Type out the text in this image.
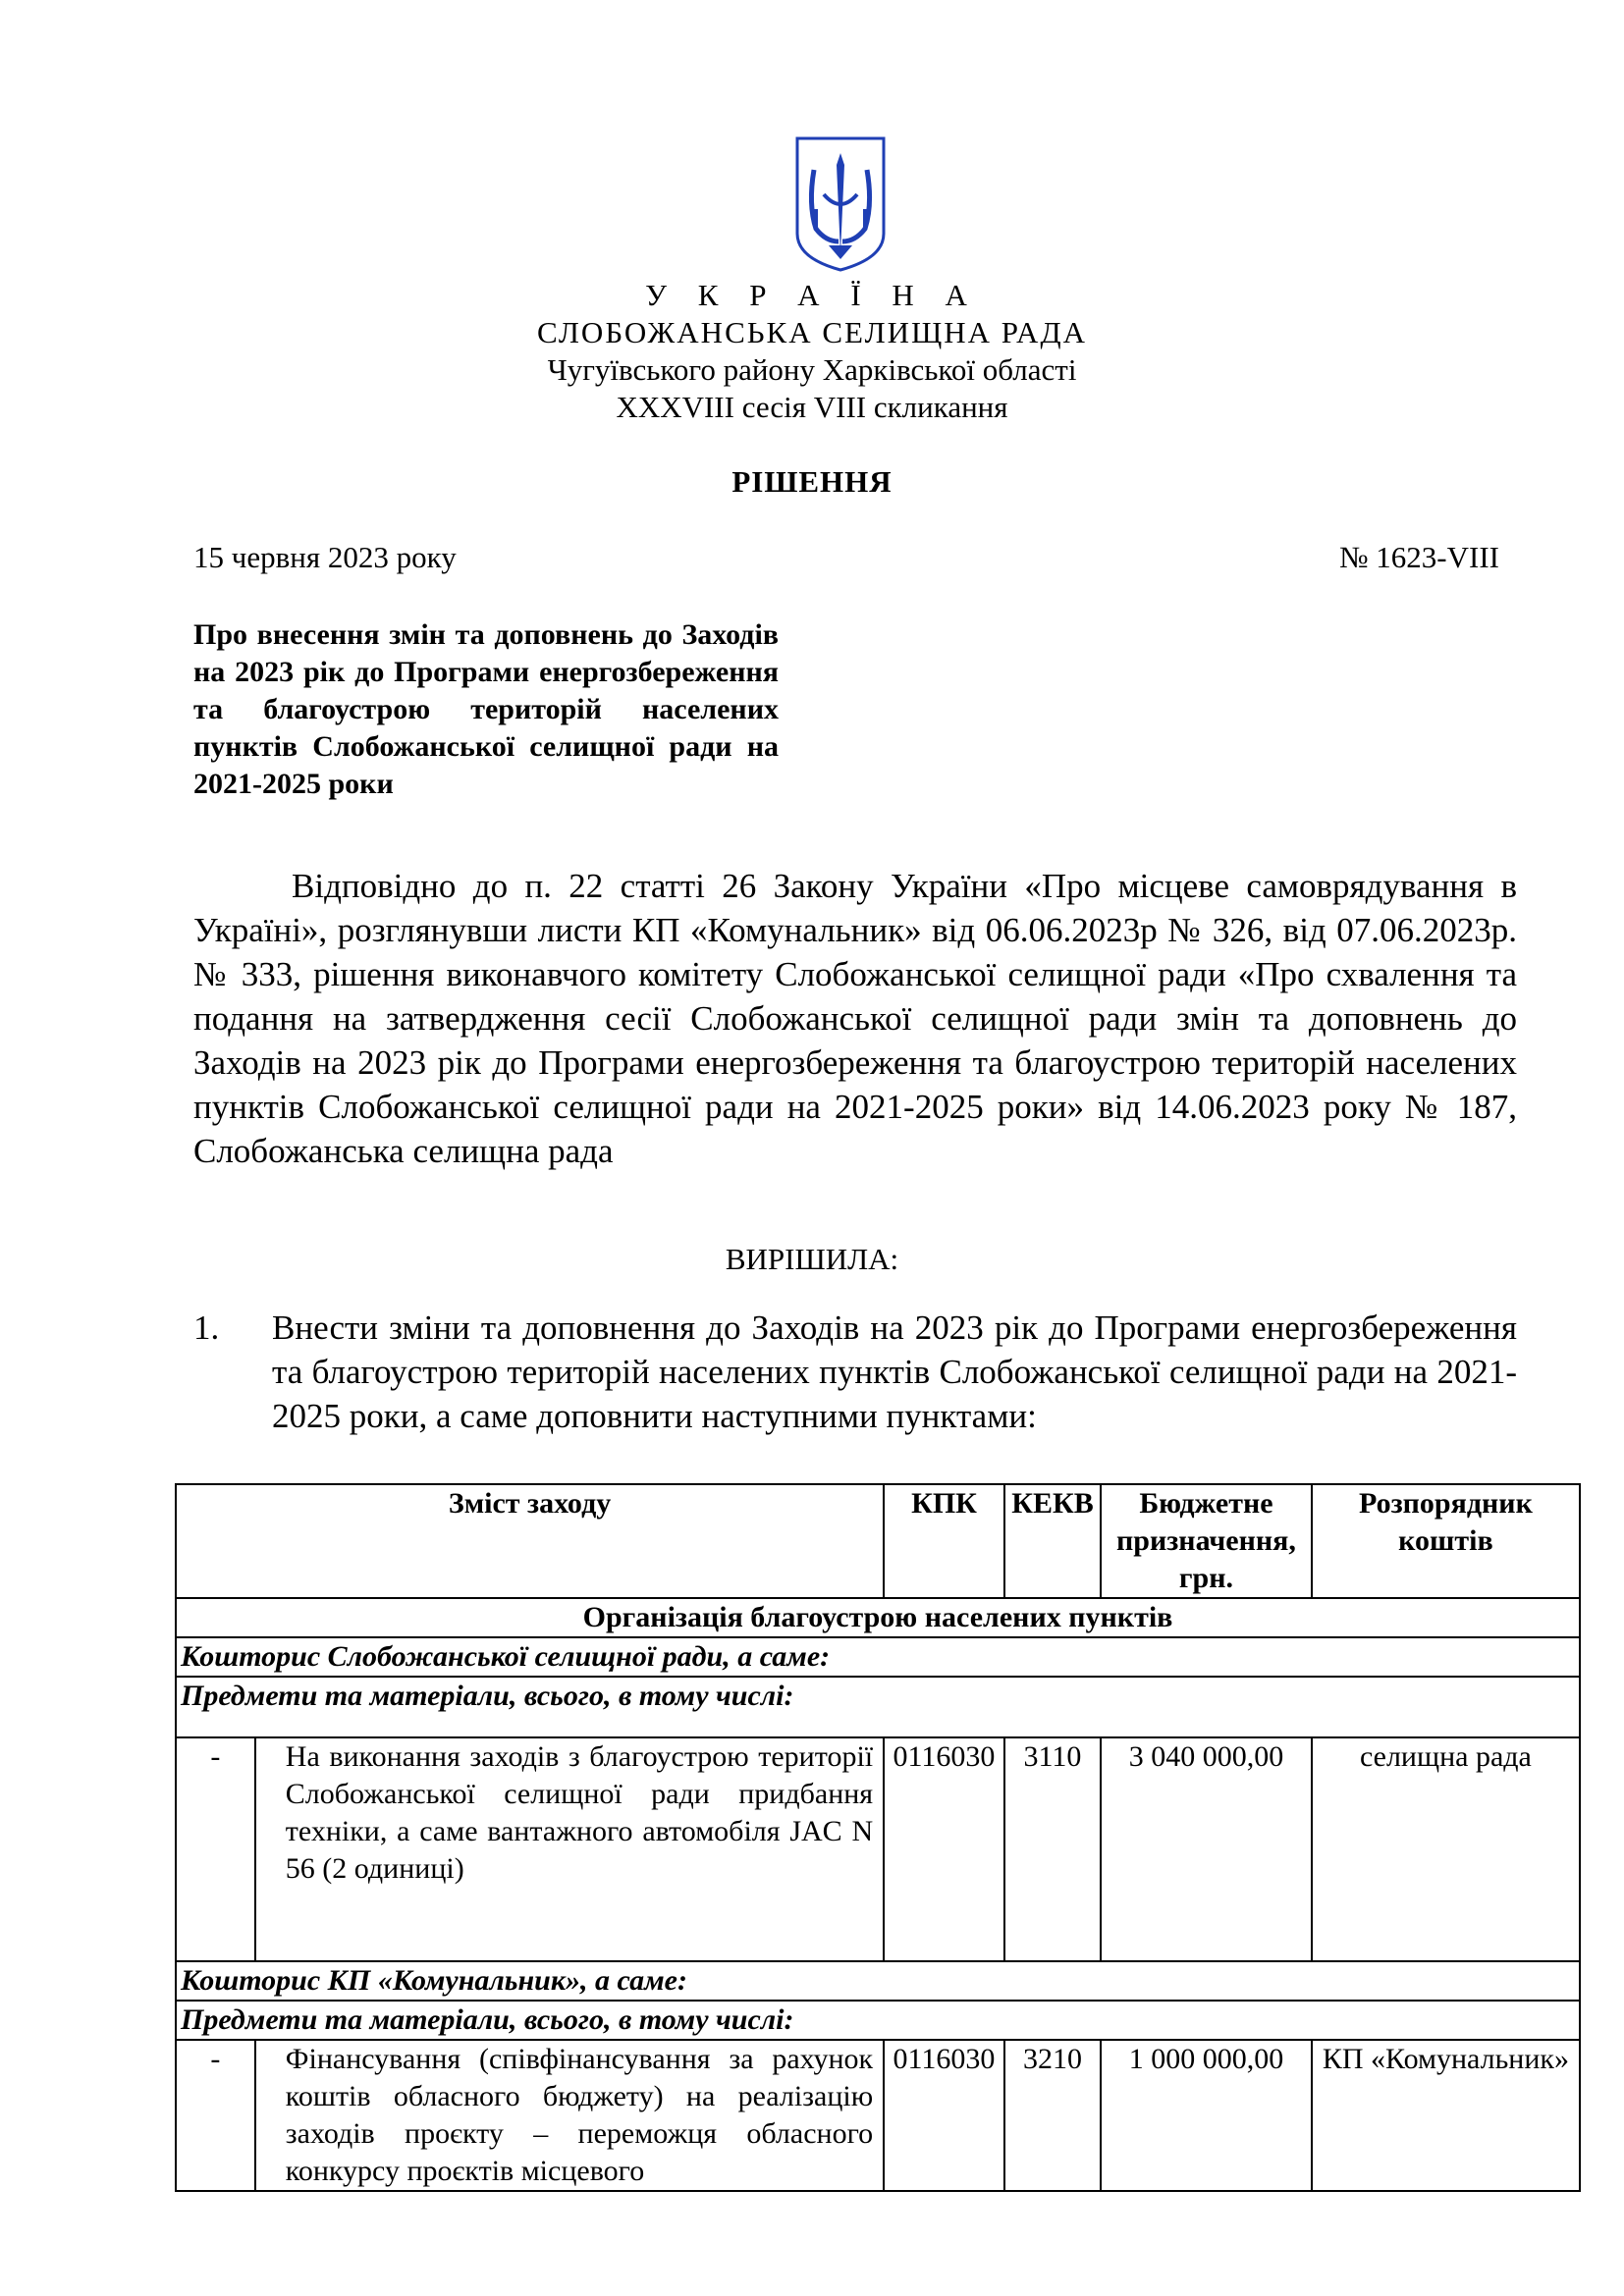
У К Р А Ї Н А
СЛОБОЖАНСЬКА СЕЛИЩНА РАДА
Чугуївського району Харківської області
XXXVIII сесія VIII скликання
РІШЕННЯ
15 червня 2023 року	№ 1623-VIII
Про внесення змін та доповнень до Заходів на 2023 рік до Програми енергозбереження та благоустрою територій населених пунктів Слобожанської селищної ради на 2021-2025 роки
Відповідно до п. 22 статті 26 Закону України «Про місцеве самоврядування в Україні», розглянувши листи КП «Комунальник» від 06.06.2023р № 326, від 07.06.2023р. № 333, рішення виконавчого комітету Слобожанської селищної ради «Про схвалення та подання на затвердження сесії Слобожанської селищної ради змін та доповнень до Заходів на 2023 рік до Програми енергозбереження та благоустрою територій населених пунктів Слобожанської селищної ради на 2021-2025 роки» від 14.06.2023 року № 187, Слобожанська селищна рада
ВИРІШИЛА:
1. Внести зміни та доповнення до Заходів на 2023 рік до Програми енергозбереження та благоустрою територій населених пунктів Слобожанської селищної ради на 2021-2025 роки, а саме доповнити наступними пунктами:
Зміст заходу		КПК	КЕКВ	Бюджетне призначення, грн.	Розпорядник коштів
Організація благоустрою населених пунктів					
Кошторис Слобожанської селищної ради, а саме:					
Предмети та матеріали, всього, в тому числі:					
-	На виконання заходів з благоустрою території Слобожанської селищної ради придбання техніки, а саме вантажного автомобіля JAC N 56 (2 одиниці)	0116030	3110	3 040 000,00	селищна рада
Кошторис КП «Комунальник», а саме:					
Предмети та матеріали, всього, в тому числі:					
-	Фінансування (співфінансування за рахунок коштів обласного бюджету) на реалізацію заходів проєкту – переможця обласного конкурсу проєктів місцевого	0116030	3210	1 000 000,00	КП «Комунальник»
